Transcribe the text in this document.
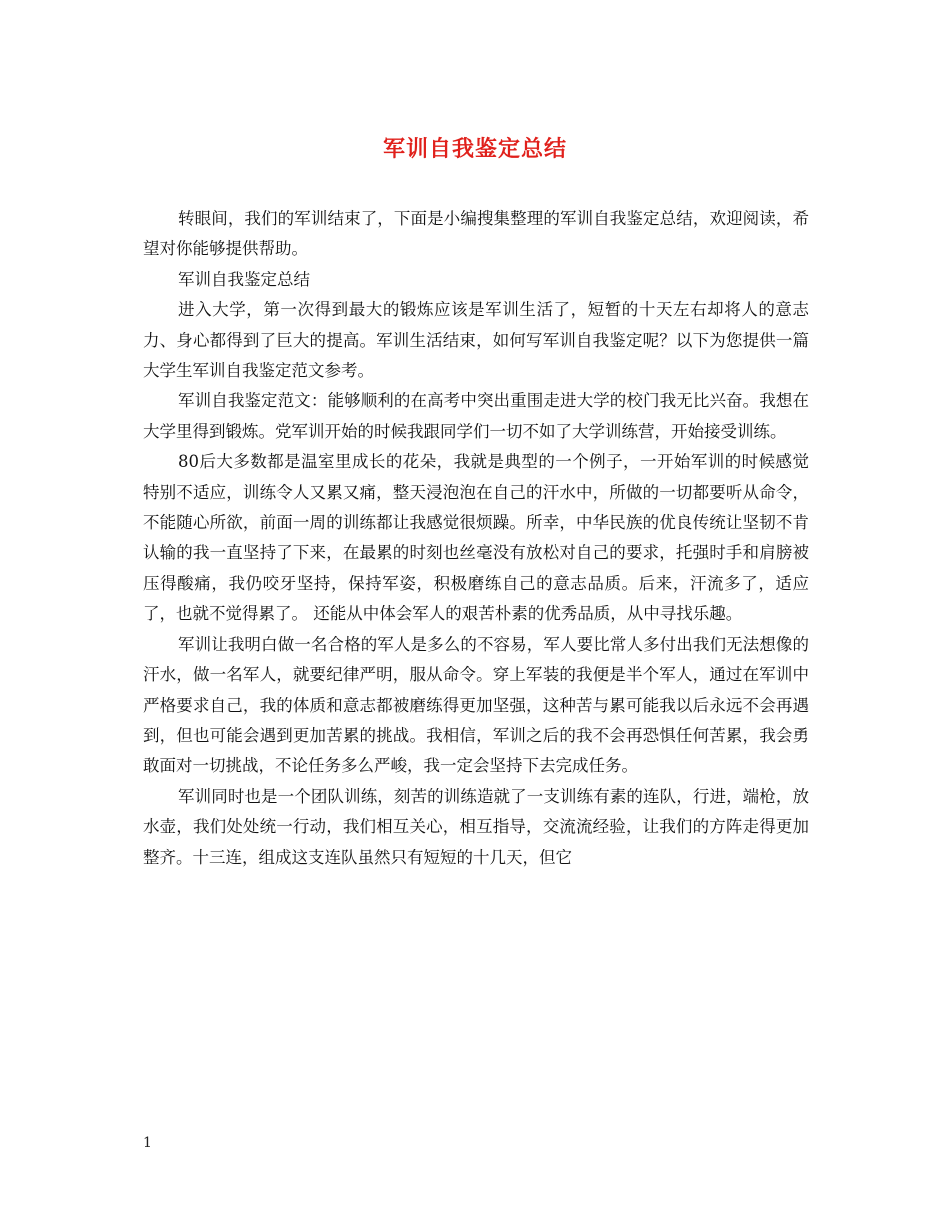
军训自我鉴定总结

转眼间，我们的军训结束了，下面是小编搜集整理的军训自我鉴定总结，欢迎阅读，希望对你能够提供帮助。

军训自我鉴定总结

进入大学，第一次得到最大的锻炼应该是军训生活了，短暂的十天左右却将人的意志力、身心都得到了巨大的提高。军训生活结束，如何写军训自我鉴定呢？以下为您提供一篇大学生军训自我鉴定范文参考。

军训自我鉴定范文：能够顺利的在高考中突出重围走进大学的校门我无比兴奋。我想在大学里得到锻炼。党军训开始的时候我跟同学们一切不如了大学训练营，开始接受训练。

80后大多数都是温室里成长的花朵，我就是典型的一个例子，一开始军训的时候感觉特别不适应，训练令人又累又痛，整天浸泡泡在自己的汗水中，所做的一切都要听从命令，不能随心所欲，前面一周的训练都让我感觉很烦躁。所幸，中华民族的优良传统让坚韧不肯认输的我一直坚持了下来，在最累的时刻也丝毫没有放松对自己的要求，托强时手和肩膀被压得酸痛，我仍咬牙坚持，保持军姿，积极磨练自己的意志品质。后来，汗流多了，适应了，也就不觉得累了。 还能从中体会军人的艰苦朴素的优秀品质，从中寻找乐趣。

军训让我明白做一名合格的军人是多么的不容易，军人要比常人多付出我们无法想像的汗水，做一名军人，就要纪律严明，服从命令。穿上军装的我便是半个军人，通过在军训中严格要求自己，我的体质和意志都被磨练得更加坚强，这种苦与累可能我以后永远不会再遇到，但也可能会遇到更加苦累的挑战。我相信，军训之后的我不会再恐惧任何苦累，我会勇敢面对一切挑战，不论任务多么严峻，我一定会坚持下去完成任务。

军训同时也是一个团队训练，刻苦的训练造就了一支训练有素的连队，行进，端枪，放水壶，我们处处统一行动，我们相互关心，相互指导，交流流经验，让我们的方阵走得更加整齐。十三连，组成这支连队虽然只有短短的十几天，但它

1
